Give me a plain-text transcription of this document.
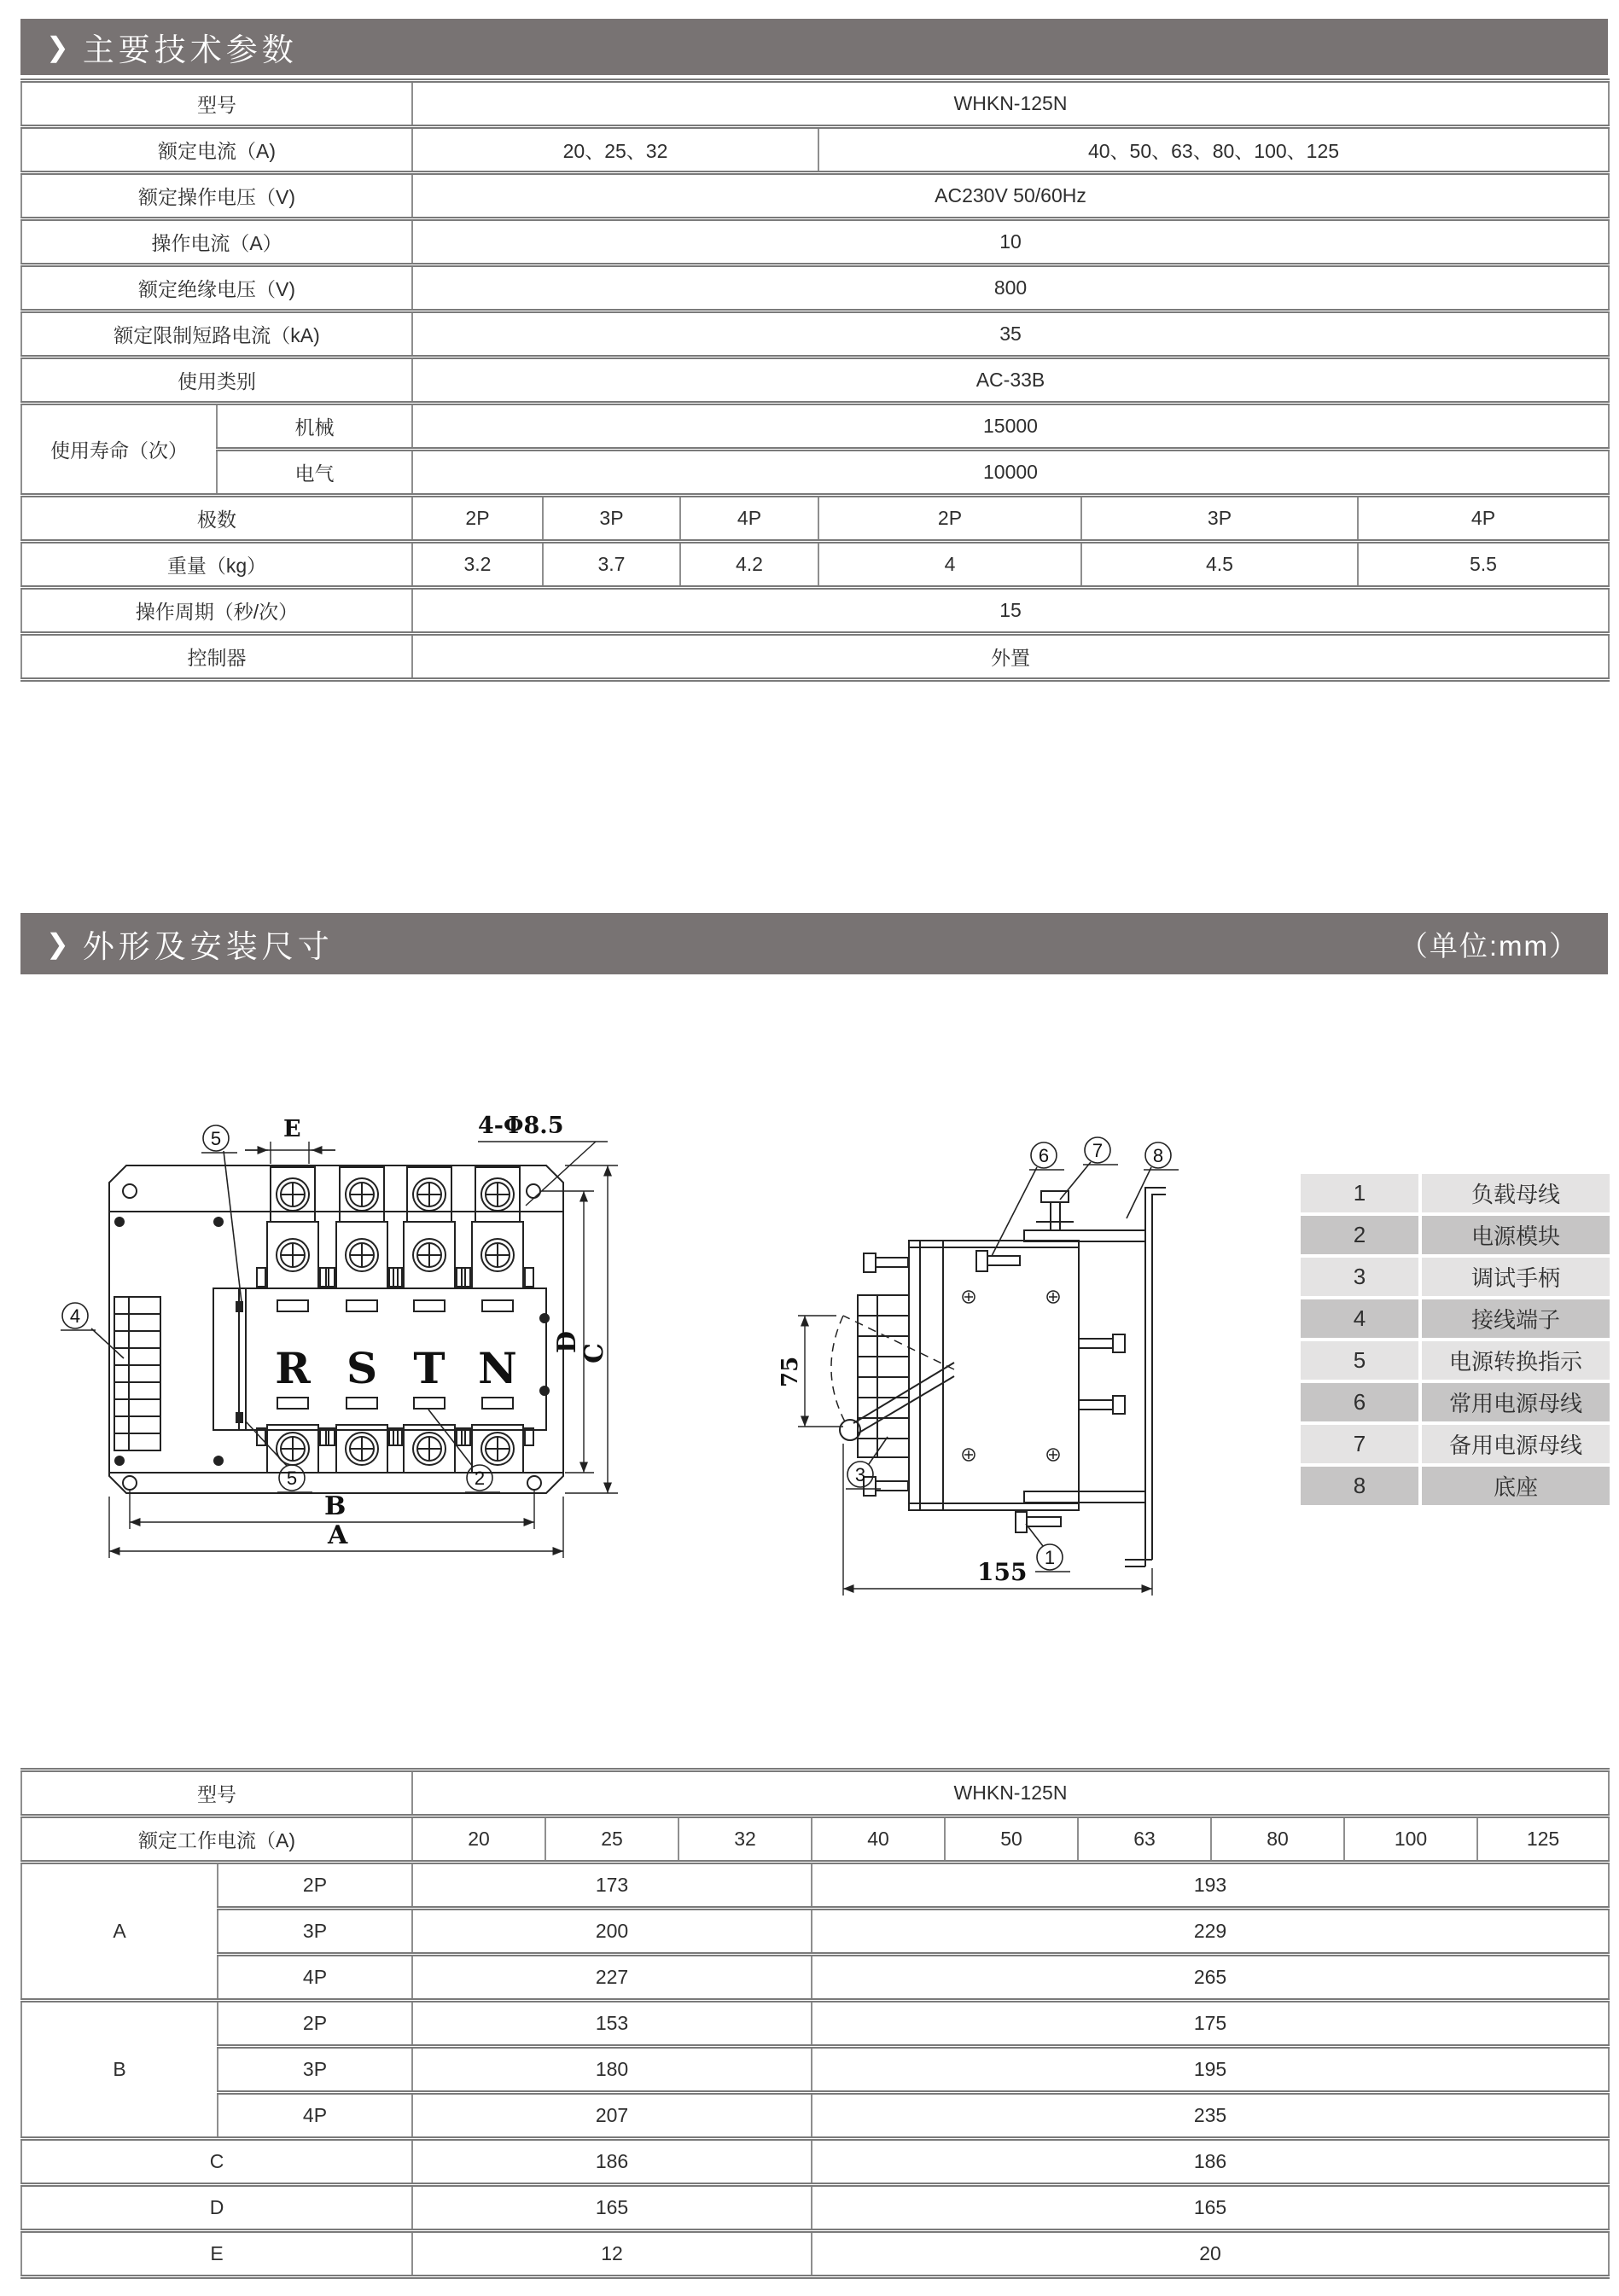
❯ 主要技术参数
型号		WHKN-125N					
额定电流（A)		20、25、32			40、50、63、80、100、125		
额定操作电压（V)		AC230V 50/60Hz					
操作电流（A）		10					
额定绝缘电压（V)		800					
额定限制短路电流（kA)		35					
使用类别		AC-33B					
使用寿命（次）	机械	15000					
	电气	10000					
极数		2P	3P	4P	2P	3P	4P
重量（kg）		3.2	3.7	4.2	4	4.5	5.5
操作周期（秒/次）		15					
控制器		外置					
❯ 外形及安装尺寸	（单位:mm）
R S T N
E	4-Φ8.5
5
4
5	2
D
C
B
A
75
155
6 7	8
3
1
1	负载母线
2	电源模块
3	调试手柄
4	接线端子
5	电源转换指示
6	常用电源母线
7	备用电源母线
8	底座
型号		WHKN-125N								
额定工作电流（A)		20	25	32	40	50	63	80	100	125
A	2P	173			193					
	3P	200			229					
	4P	227			265					
B	2P	153			175					
	3P	180			195					
	4P	207			235					
C		186			186					
D		165			165					
E		12			20					
